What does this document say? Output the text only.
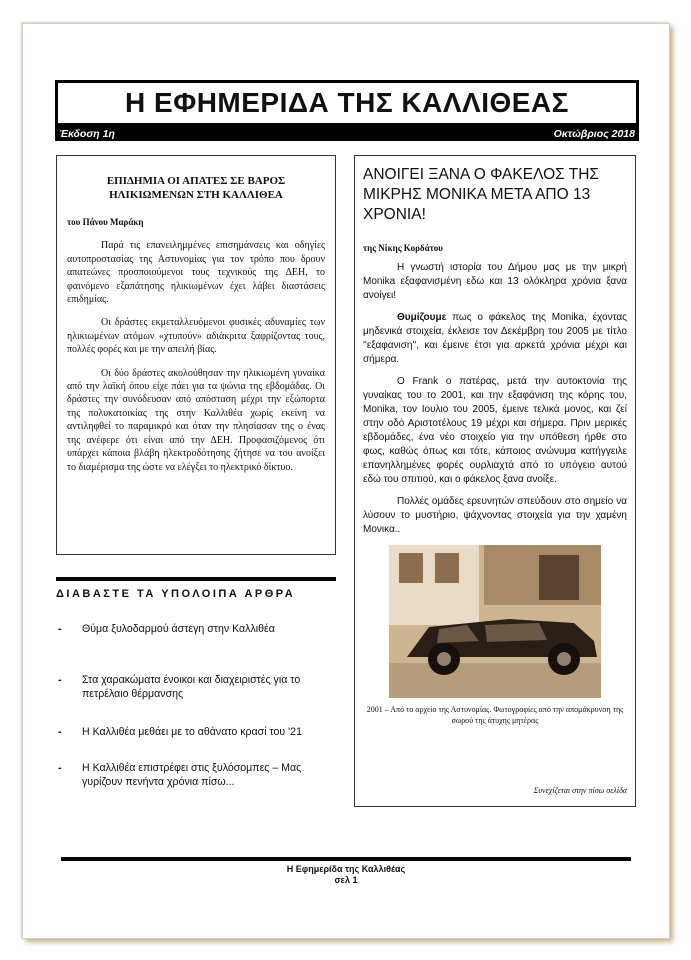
Η ΕΦΗΜΕΡΙΔΑ ΤΗΣ ΚΑΛΛΙΘΕΑΣ
Έκδοση 1η	Οκτώβριος 2018
ΕΠΙΔΗΜΙΑ ΟΙ ΑΠΑΤΕΣ ΣΕ ΒΑΡΟΣ ΗΛΙΚΙΩΜΕΝΩΝ ΣΤΗ ΚΑΛΛΙΘΕΑ
του Πάνου Μαράκη

Παρά τις επανειλημμένες επισημάνσεις και οδηγίες αυτοπροστασίας της Αστυνομίας για τον τρόπο που δρουν απατεώνες προσποιούμενοι τους τεχνικούς της ΔΕΗ, το φαινόμενο εξαπάτησης ηλικιωμένων έχει λάβει διαστάσεις επιδημίας.

Οι δράστες εκμεταλλευόμενοι φυσικές αδυναμίες των ηλικιωμένων ατόμων «χτυπούν» αδιάκριτα ξαφρίζοντας τους, πολλές φορές και με την απειλή βίας.

Οι δύο δράστες ακολούθησαν την ηλικιωμένη γυναίκα από την λαϊκή όπου είχε πάει για τα ψώνια της εβδομάδας. Οι δράστες την συνόδευσαν από απόσταση μέχρι την εξώπορτα της πολυκατοικίας της στην Καλλιθέα χωρίς εκείνη να αντιληφθεί το παραμικρό και όταν την πλησίασαν της ο ένας της ανέφερε ότι είναι από την ΔΕΗ. Προφασιζόμενος ότι υπάρχει κάποια βλάβη ηλεκτροδότησης ζήτησε να του ανοίξει το διαμέρισμα της ώστε να ελέγξει το ηλεκτρικό δίκτυο.

ΔΙΑΒΑΣΤΕ ΤΑ ΥΠΟΛΟΙΠΑ ΑΡΘΡΑ
- Θύμα ξυλοδαρμού άστεγη στην Καλλιθέα
- Στα χαρακώματα ένοικοι και διαχειριστές για το πετρέλαιο θέρμανσης
- Η Καλλιθέα μεθάει με το αθάνατο κρασί του '21
- Η Καλλιθέα επιστρέφει στις ξυλόσομπες – Μας γυρίζουν πενήντα χρόνια πίσω...
ΑΝΟΙΓΕΙ ΞΑΝΑ Ο ΦΑΚΕΛΟΣ ΤΗΣ ΜΙΚΡΗΣ ΜΟΝΙΚΑ ΜΕΤΑ ΑΠΟ 13 ΧΡΟΝΙΑ!
της Νίκης Κορδάτου

Η γνωστή ιστορία του Δήμου μας με την μικρή Monika εξαφανισμένη εδω και 13 ολόκληρα χρόνια ξανα ανοίγει!

Θυμίζουμε πως ο φάκελος της Monika, έχοντας μηδενικά στοιχεία, έκλεισε τον Δεκέμβρη του 2005 με τίτλο ''εξαφανιση'', και έμεινε έτσι για αρκετά χρόνια μέχρι και σήμερα.

Ο Frank ο πατέρας, μετά την αυτοκτονία της γυναίκας του το 2001, και την εξαφάνιση της κόρης του, Monika, τον Ιουλιο του 2005, έμεινε τελικά μονος, και ζεί στην οδό Αριστοτέλους 19 μέχρι και σήμερα. Πριν μερικές εβδομάδες, ένα νέο στοιχείο για την υπόθεση ήρθε στο φως, καθώς όπως και τότε, κάποιος ανώνυμα κατήγγειλε επανηλλημένες φορές ουρλιαχτά από το υπόγειο αυτού εδώ του σπιτιού, και ο φάκελος ξανα ανοίξε.

Πολλές ομάδες ερευνητών σπεύδουν στο σημείο να λύσουν το μυστήριο, ψάχνοντας στοιχεία για την χαμένη Μονικα..

2001 – Από το αρχείο της Αστυνομίας. Φωτογραφίες από την απομάκρυνση της σωρού της άτυχης μητέρας
Συνεχίζεται στην πίσω σελίδα
Η Εφημερίδα της Καλλιθέας
σελ 1
